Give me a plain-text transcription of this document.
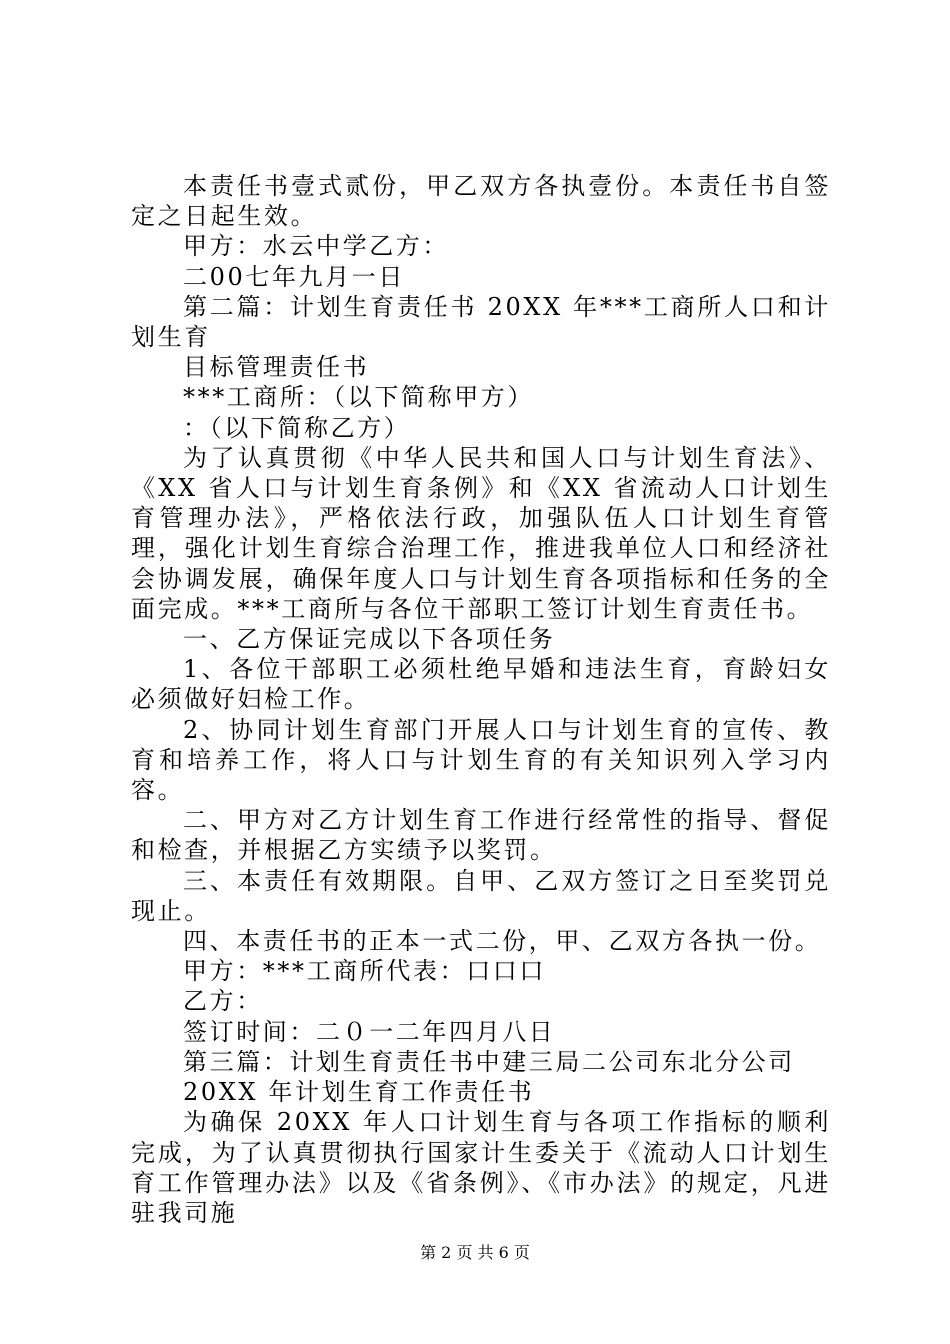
本责任书壹式贰份，甲乙双方各执壹份。本责任书自签定之日起生效。

甲方：水云中学乙方：

二00七年九月一日

第二篇：计划生育责任书 20XX 年***工商所人口和计划生育

目标管理责任书

***工商所：（以下简称甲方）

：（以下简称乙方）

为了认真贯彻《中华人民共和国人口与计划生育法》、《XX 省人口与计划生育条例》和《XX 省流动人口计划生育管理办法》，严格依法行政，加强队伍人口计划生育管理，强化计划生育综合治理工作，推进我单位人口和经济社会协调发展，确保年度人口与计划生育各项指标和任务的全面完成。***工商所与各位干部职工签订计划生育责任书。

一、乙方保证完成以下各项任务

1、各位干部职工必须杜绝早婚和违法生育，育龄妇女必须做好妇检工作。

2、协同计划生育部门开展人口与计划生育的宣传、教育和培养工作，将人口与计划生育的有关知识列入学习内容。

二、甲方对乙方计划生育工作进行经常性的指导、督促和检查，并根据乙方实绩予以奖罚。

三、本责任有效期限。自甲、乙双方签订之日至奖罚兑现止。

四、本责任书的正本一式二份，甲、乙双方各执一份。

甲方：***工商所代表：口口口

乙方：

签订时间：二０一二年四月八日

第三篇：计划生育责任书中建三局二公司东北分公司

20XX 年计划生育工作责任书

为确保 20XX 年人口计划生育与各项工作指标的顺利完成，为了认真贯彻执行国家计生委关于《流动人口计划生育工作管理办法》以及《省条例》、《市办法》的规定，凡进驻我司施

第 2 页 共 6 页
